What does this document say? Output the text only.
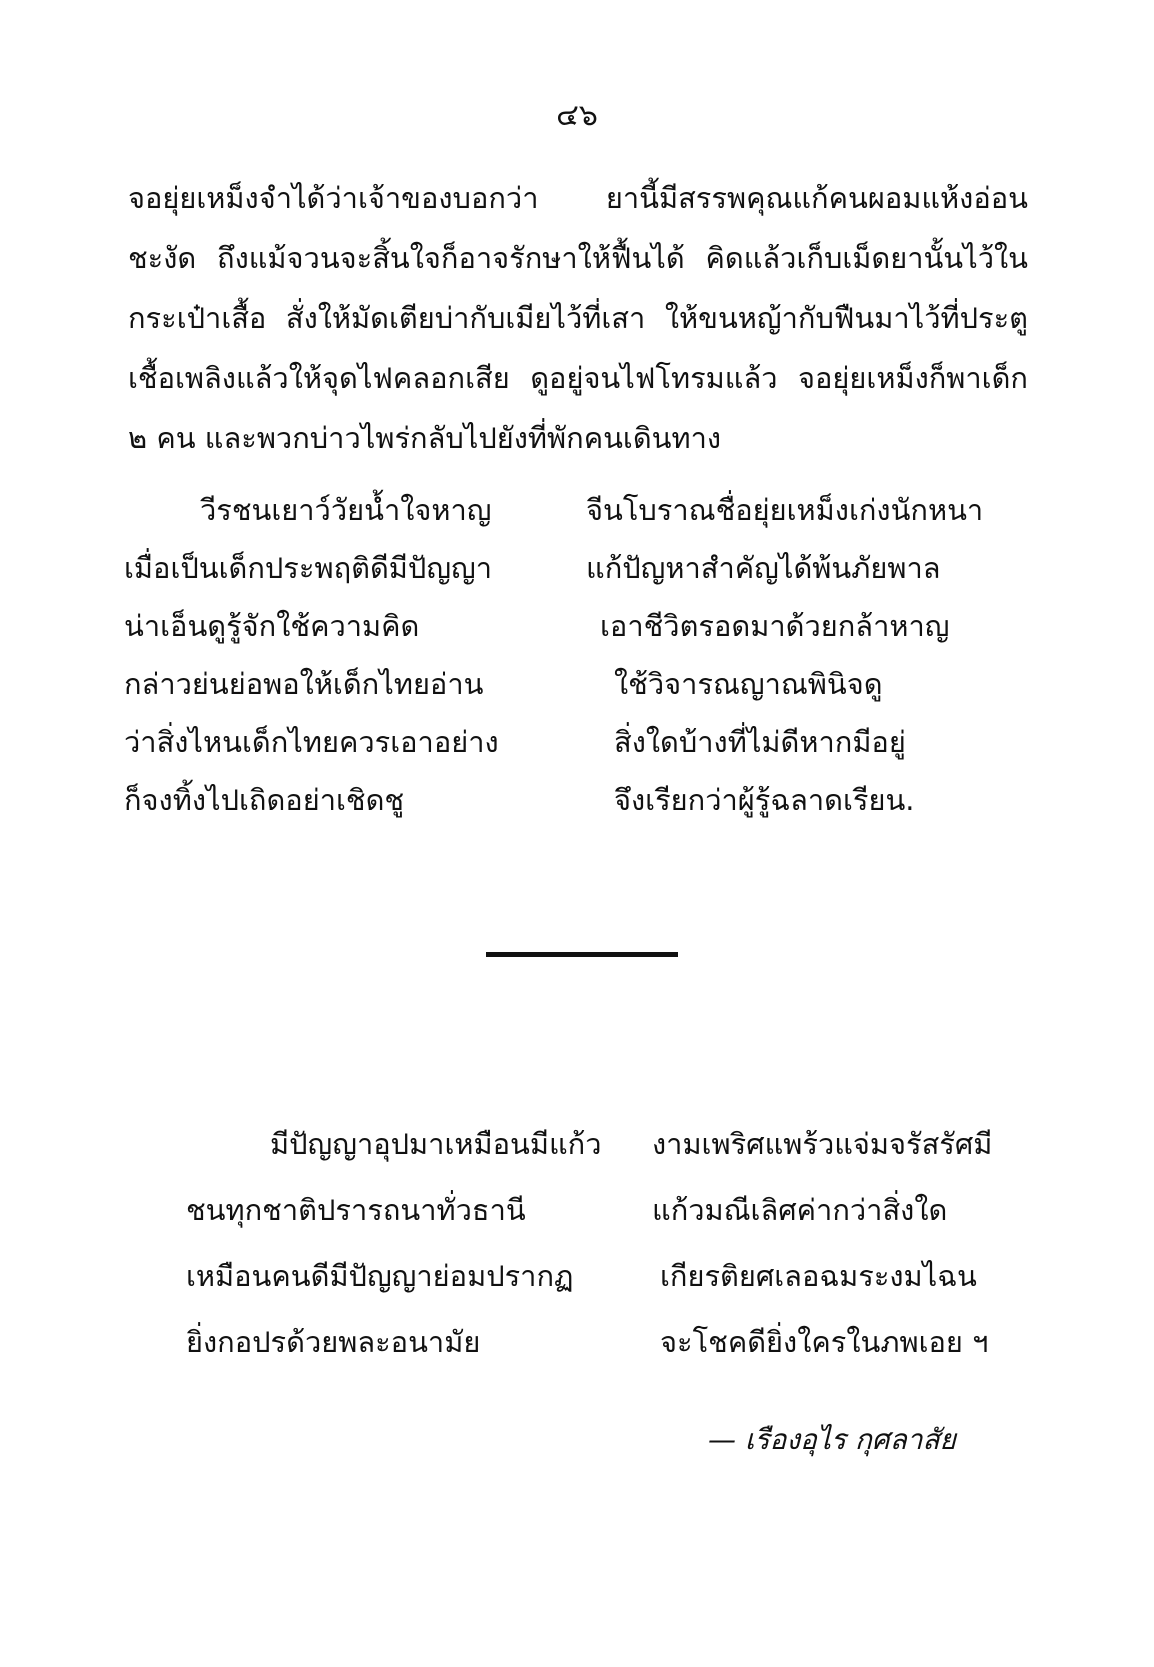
๔๖
จอยุ่ยเหม็งจำได้ว่าเจ้าของบอกว่า ยานี้มีสรรพคุณแก้คนผอมแห้งอ่อน
ชะงัด ถึงแม้จวนจะสิ้นใจก็อาจรักษาให้ฟื้นได้ คิดแล้วเก็บเม็ดยานั้นไว้ใน
กระเป๋าเสื้อ สั่งให้มัดเตียบ่ากับเมียไว้ที่เสา ให้ขนหญ้ากับฟืนมาไว้ที่ประตู
เชื้อเพลิงแล้วให้จุดไฟคลอกเสีย ดูอยู่จนไฟโทรมแล้ว จอยุ่ยเหม็งก็พาเด็ก
๒ คน และพวกบ่าวไพร่กลับไปยังที่พักคนเดินทาง
วีรชนเยาว์วัยน้ำใจหาญ	จีนโบราณชื่อยุ่ยเหม็งเก่งนักหนา
เมื่อเป็นเด็กประพฤติดีมีปัญญา	แก้ปัญหาสำคัญได้พ้นภัยพาล
น่าเอ็นดูรู้จักใช้ความคิด	เอาชีวิตรอดมาด้วยกล้าหาญ
กล่าวย่นย่อพอให้เด็กไทยอ่าน	ใช้วิจารณญาณพินิจดู
ว่าสิ่งไหนเด็กไทยควรเอาอย่าง	สิ่งใดบ้างที่ไม่ดีหากมีอยู่
ก็จงทิ้งไปเถิดอย่าเชิดชู	จึงเรียกว่าผู้รู้ฉลาดเรียน.
มีปัญญาอุปมาเหมือนมีแก้ว งามเพริศแพร้วแจ่มจรัสรัศมี
ชนทุกชาติปรารถนาทั่วธานี	แก้วมณีเลิศค่ากว่าสิ่งใด
เหมือนคนดีมีปัญญาย่อมปรากฏ	เกียรติยศเลอฉมระงมไฉน
ยิ่งกอปรด้วยพละอนามัย	จะโชคดียิ่งใครในภพเอย ฯ
— เรืองอุไร กุศลาสัย
